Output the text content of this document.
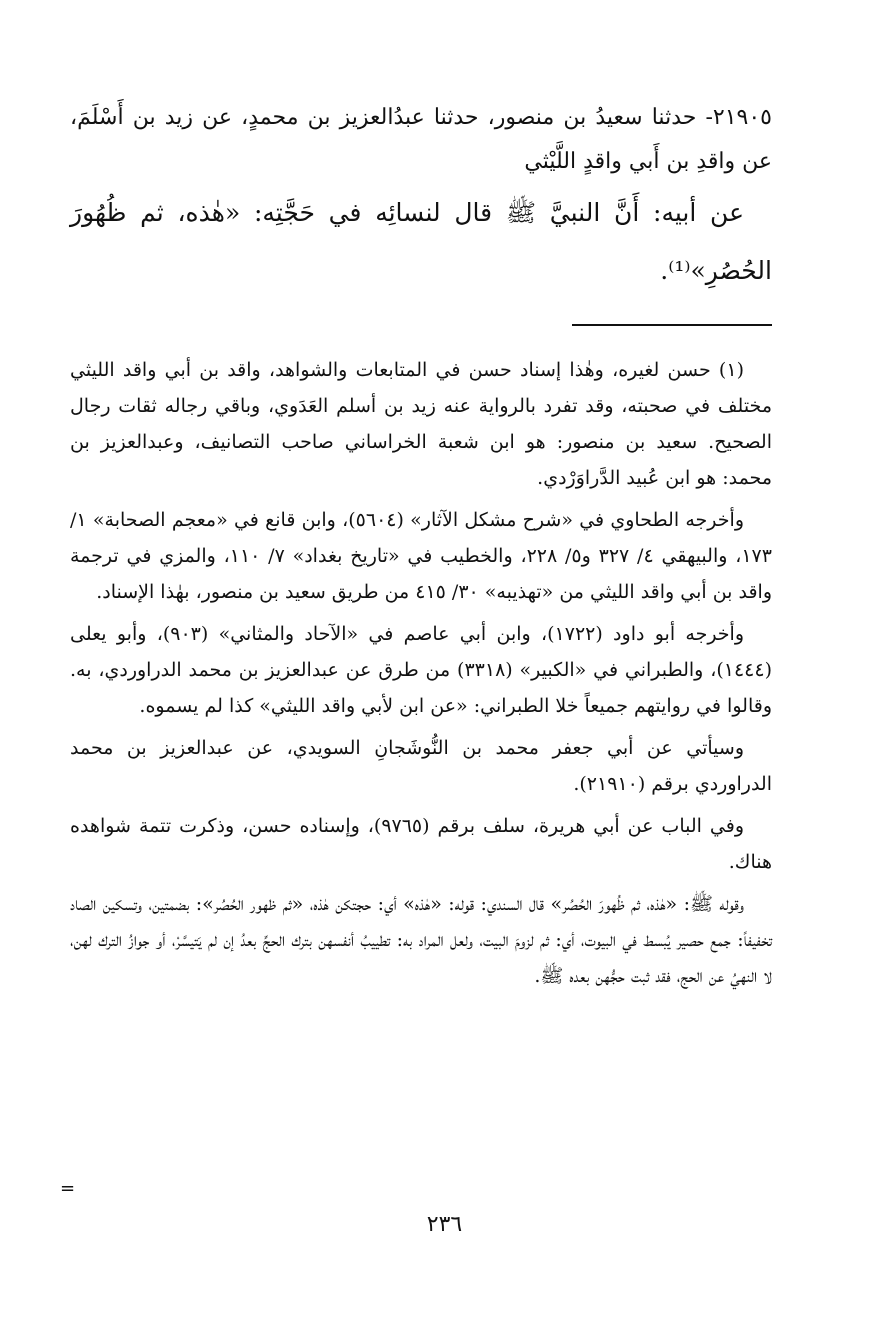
٢١٩٠٥- حدثنا سعيدُ بن منصور، حدثنا عبدُالعزيز بن محمدٍ، عن زيد بن أَسْلَمَ، عن واقدِ بن أَبي واقدٍ اللَّيْثي

عن أبيه: أَنَّ النبيَّ ﷺ قال لنسائِه في حَجَّتِه: «هٰذه، ثم ظُهُورَ الحُصُرِ»⁽¹⁾.

(١) حسن لغيره، وهٰذا إسناد حسن في المتابعات والشواهد، واقد بن أبي واقد الليثي مختلف في صحبته، وقد تفرد بالرواية عنه زيد بن أسلم العَدَوي، وباقي رجاله ثقات رجال الصحيح. سعيد بن منصور: هو ابن شعبة الخراساني صاحب التصانيف، وعبدالعزيز بن محمد: هو ابن عُبيد الدَّراوَرْدي.

وأخرجه الطحاوي في «شرح مشكل الآثار» (٥٦٠٤)، وابن قانع في «معجم الصحابة» ١/ ١٧٣، والبيهقي ٤/ ٣٢٧ و٥/ ٢٢٨، والخطيب في «تاريخ بغداد» ٧/ ١١٠، والمزي في ترجمة واقد بن أبي واقد الليثي من «تهذيبه» ٣٠/ ٤١٥ من طريق سعيد بن منصور، بهٰذا الإسناد.

وأخرجه أبو داود (١٧٢٢)، وابن أبي عاصم في «الآحاد والمثاني» (٩٠٣)، وأبو يعلى (١٤٤٤)، والطبراني في «الكبير» (٣٣١٨) من طرق عن عبدالعزيز بن محمد الدراوردي، به. وقالوا في روايتهم جميعاً خلا الطبراني: «عن ابن لأبي واقد الليثي» كذا لم يسموه.

وسيأتي عن أبي جعفر محمد بن النُّوشَجانِ السويدي، عن عبدالعزيز بن محمد الدراوردي برقم (٢١٩١٠).

وفي الباب عن أبي هريرة، سلف برقم (٩٧٦٥)، وإسناده حسن، وذكرت تتمة شواهده هناك.

وقوله ﷺ: «هٰذه، ثم ظُهورَ الحُصُر» قال السندي: قوله: «هٰذه» أي: حجتكن هٰذه، «ثم ظهور الحُصُر»: بضمتين، وتسكين الصاد تخفيفاً: جمع حصير يُبسط في البيوت، أي: ثم لزومَ البيت، ولعل المراد به: تطييبُ أنفسهن بترك الحجِّ بعدُ إن لم يَتيسَّرْ، أو جوازُ الترك لهن، لا النهيُ عن الحج، فقد ثبت حجُّهن بعده ﷺ.

=
٢٣٦
